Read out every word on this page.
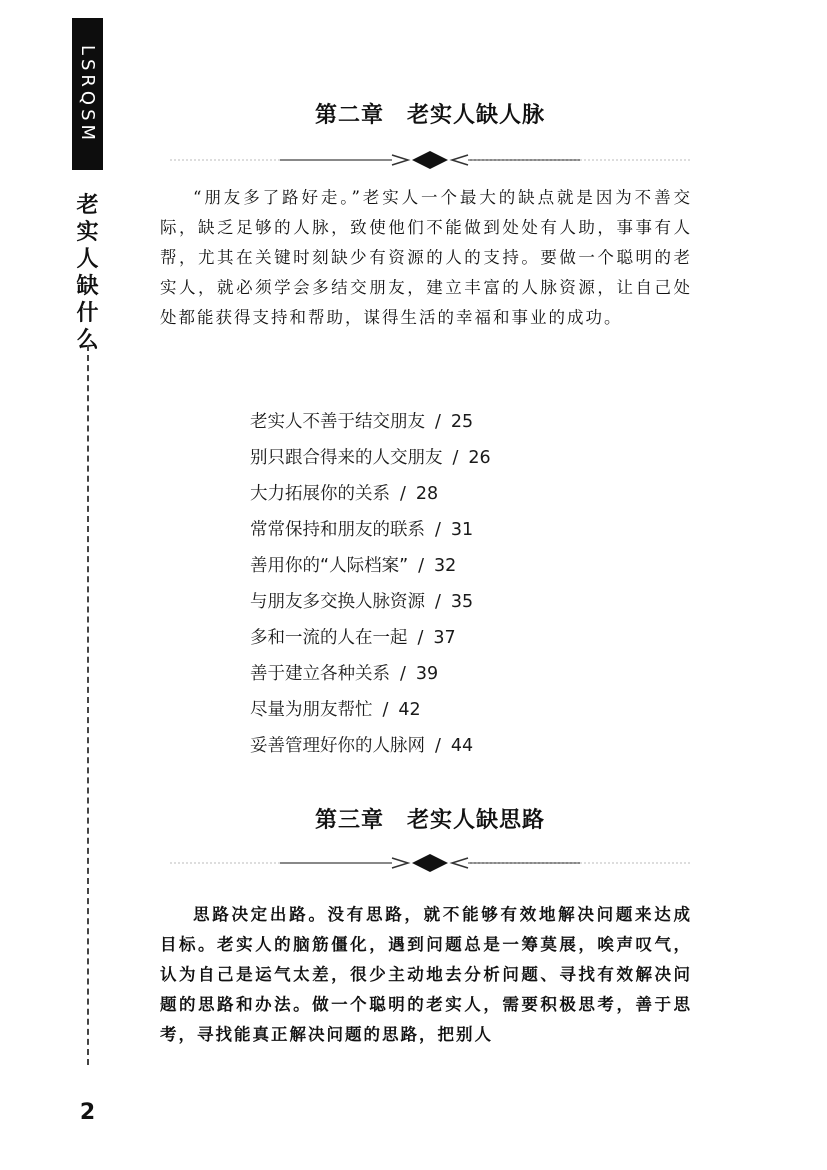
LSRQSM
老实人缺什么
2
第二章　老实人缺人脉

“朋友多了路好走。”老实人一个最大的缺点就是因为不善交际，缺乏足够的人脉，致使他们不能做到处处有人助，事事有人帮，尤其在关键时刻缺少有资源的人的支持。要做一个聪明的老实人，就必须学会多结交朋友，建立丰富的人脉资源，让自己处处都能获得支持和帮助，谋得生活的幸福和事业的成功。

老实人不善于结交朋友 / 25
别只跟合得来的人交朋友 / 26
大力拓展你的关系 / 28
常常保持和朋友的联系 / 31
善用你的“人际档案” / 32
与朋友多交换人脉资源 / 35
多和一流的人在一起 / 37
善于建立各种关系 / 39
尽量为朋友帮忙 / 42
妥善管理好你的人脉网 / 44
第三章　老实人缺思路

思路决定出路。没有思路，就不能够有效地解决问题来达成目标。老实人的脑筋僵化，遇到问题总是一筹莫展，唉声叹气，认为自己是运气太差，很少主动地去分析问题、寻找有效解决问题的思路和办法。做一个聪明的老实人，需要积极思考，善于思考，寻找能真正解决问题的思路，把别人
